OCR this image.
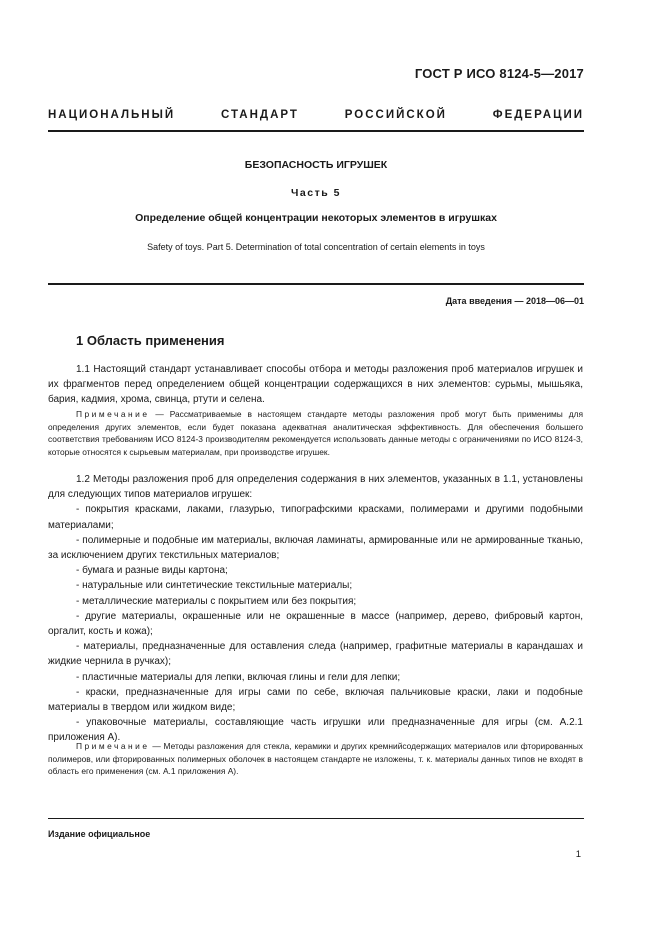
ГОСТ Р ИСО 8124-5—2017
НАЦИОНАЛЬНЫЙ СТАНДАРТ РОССИЙСКОЙ ФЕДЕРАЦИИ
БЕЗОПАСНОСТЬ ИГРУШЕК
Часть 5
Определение общей концентрации некоторых элементов в игрушках
Safety of toys. Part 5. Determination of total concentration of certain elements in toys
Дата введения — 2018—06—01
1 Область применения
1.1 Настоящий стандарт устанавливает способы отбора и методы разложения проб материалов игрушек и их фрагментов перед определением общей концентрации содержащихся в них элементов: сурьмы, мышьяка, бария, кадмия, хрома, свинца, ртути и селена.
Примечание — Рассматриваемые в настоящем стандарте методы разложения проб могут быть применимы для определения других элементов, если будет показана адекватная аналитическая эффективность. Для обеспечения большего соответствия требованиям ИСО 8124-3 производителям рекомендуется использовать данные методы с ограничениями по ИСО 8124-3, которые относятся к сырьевым материалам, при производстве игрушек.
1.2 Методы разложения проб для определения содержания в них элементов, указанных в 1.1, установлены для следующих типов материалов игрушек:
- покрытия красками, лаками, глазурью, типографскими красками, полимерами и другими подобными материалами;
- полимерные и подобные им материалы, включая ламинаты, армированные или не армированные тканью, за исключением других текстильных материалов;
- бумага и разные виды картона;
- натуральные или синтетические текстильные материалы;
- металлические материалы с покрытием или без покрытия;
- другие материалы, окрашенные или не окрашенные в массе (например, дерево, фибровый картон, оргалит, кость и кожа);
- материалы, предназначенные для оставления следа (например, графитные материалы в карандашах и жидкие чернила в ручках);
- пластичные материалы для лепки, включая глины и гели для лепки;
- краски, предназначенные для игры сами по себе, включая пальчиковые краски, лаки и подобные материалы в твердом или жидком виде;
- упаковочные материалы, составляющие часть игрушки или предназначенные для игры (см. А.2.1 приложения А).
Примечание — Методы разложения для стекла, керамики и других кремнийсодержащих материалов или фторированных полимеров, или фторированных полимерных оболочек в настоящем стандарте не изложены, т. к. материалы данных типов не входят в область его применения (см. А.1 приложения А).
Издание официальное
1
